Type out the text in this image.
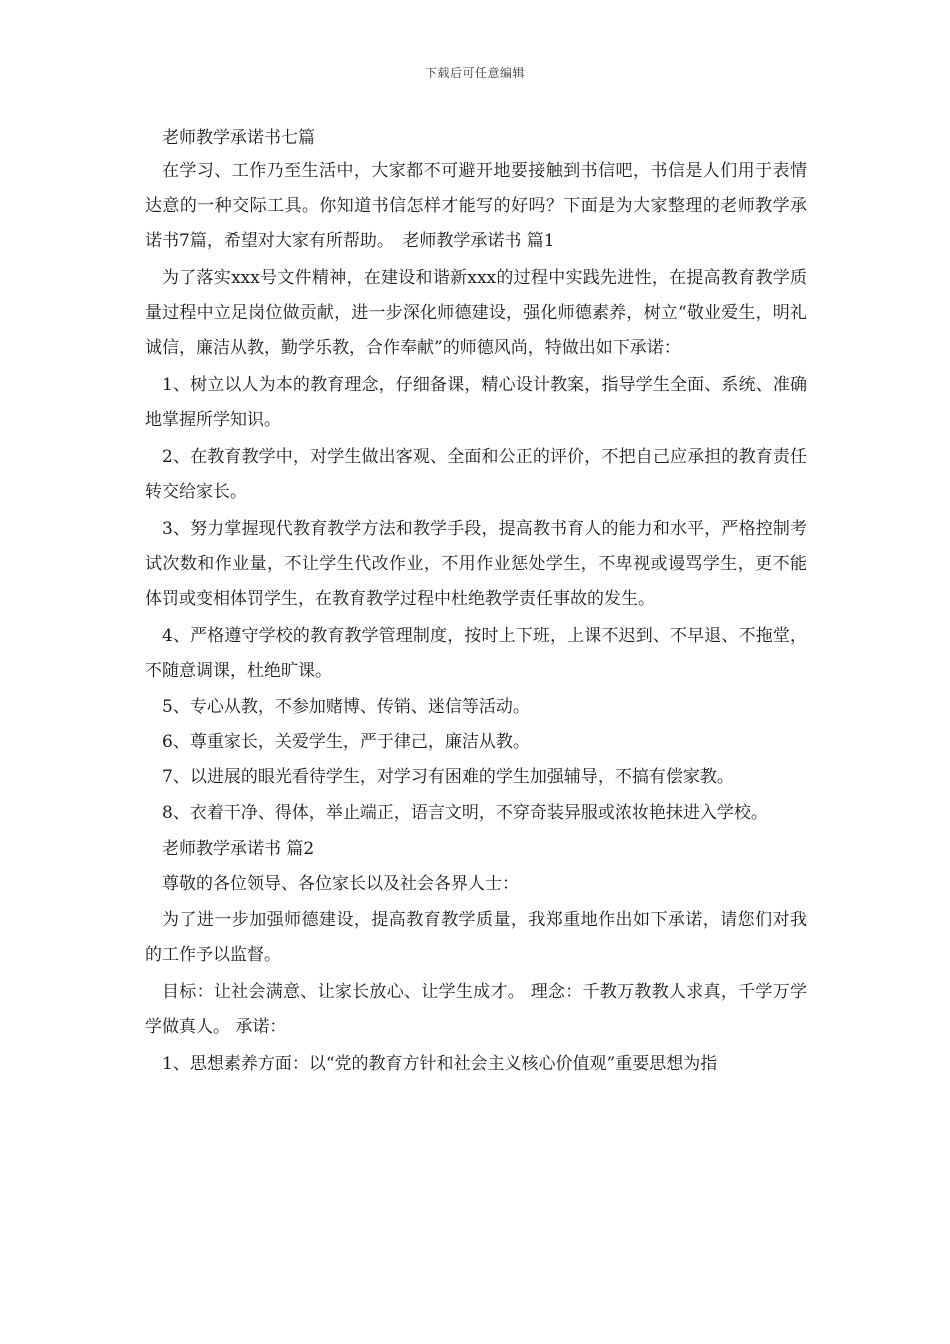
下载后可任意编辑

老师教学承诺书七篇

在学习、工作乃至生活中，大家都不可避开地要接触到书信吧，书信是人们用于表情达意的一种交际工具。你知道书信怎样才能写的好吗？下面是为大家整理的老师教学承诺书7篇，希望对大家有所帮助。　老师教学承诺书 篇1

为了落实xxx号文件精神，在建设和谐新xxx的过程中实践先进性，在提高教育教学质量过程中立足岗位做贡献，进一步深化师德建设，强化师德素养，树立“敬业爱生，明礼诚信，廉洁从教，勤学乐教，合作奉献”的师德风尚，特做出如下承诺：

1、树立以人为本的教育理念，仔细备课，精心设计教案，指导学生全面、系统、准确地掌握所学知识。

2、在教育教学中，对学生做出客观、全面和公正的评价，不把自己应承担的教育责任转交给家长。

3、努力掌握现代教育教学方法和教学手段，提高教书育人的能力和水平，严格控制考试次数和作业量，不让学生代改作业，不用作业惩处学生，不卑视或谩骂学生，更不能体罚或变相体罚学生，在教育教学过程中杜绝教学责任事故的发生。

4、严格遵守学校的教育教学管理制度，按时上下班，上课不迟到、不早退、不拖堂，不随意调课，杜绝旷课。

5、专心从教，不参加赌博、传销、迷信等活动。

6、尊重家长，关爱学生，严于律己，廉洁从教。

7、以进展的眼光看待学生，对学习有困难的学生加强辅导，不搞有偿家教。

8、衣着干净、得体，举止端正，语言文明，不穿奇装异服或浓妆艳抹进入学校。

老师教学承诺书 篇2

尊敬的各位领导、各位家长以及社会各界人士：

为了进一步加强师德建设，提高教育教学质量，我郑重地作出如下承诺，请您们对我的工作予以监督。

目标：让社会满意、让家长放心、让学生成才。 理念：千教万教教人求真，千学万学学做真人。 承诺：

1、思想素养方面：以“党的教育方针和社会主义核心价值观”重要思想为指
